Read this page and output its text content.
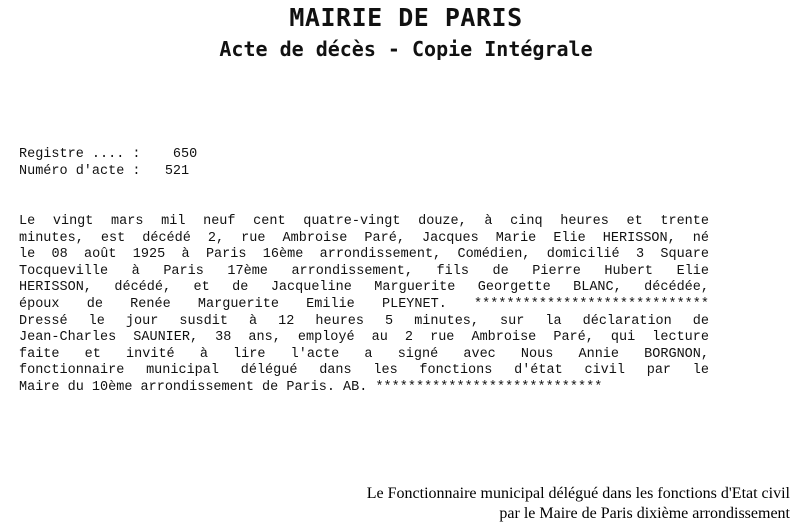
MAIRIE DE PARIS
Acte de décès - Copie Intégrale
Registre .... :    650
Numéro d'acte :   521
Le vingt mars mil neuf cent quatre-vingt douze, à cinq heures et trente
minutes, est décédé 2, rue Ambroise Paré, Jacques Marie Elie HERISSON, né
le 08 août 1925 à Paris 16ème arrondissement, Comédien, domicilié 3 Square
Tocqueville à Paris 17ème arrondissement, fils de Pierre Hubert Elie
HERISSON, décédé, et de Jacqueline Marguerite Georgette BLANC, décédée,
époux de Renée Marguerite Emilie PLEYNET. *****************************
Dressé le jour susdit à 12 heures 5 minutes, sur la déclaration de
Jean-Charles SAUNIER, 38 ans, employé au 2 rue Ambroise Paré, qui lecture
faite et invité à lire l'acte a signé avec Nous Annie BORGNON,
fonctionnaire municipal délégué dans les fonctions d'état civil par le
Maire du 10ème arrondissement de Paris. AB. ****************************
Le Fonctionnaire municipal délégué dans les fonctions d'Etat civil
par le Maire de Paris dixième arrondissement
